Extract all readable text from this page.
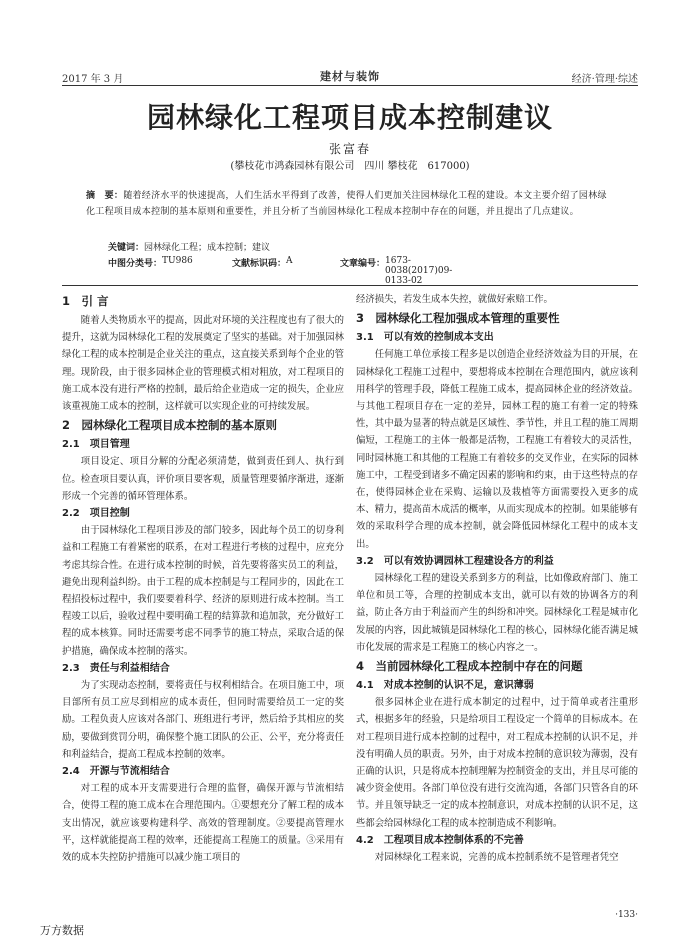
2017 年 3 月	建材与装饰	经济·管理·综述
园林绿化工程项目成本控制建议
张富春
(攀枝花市鸿森园林有限公司　四川 攀枝花　617000)
摘　要：随着经济水平的快速提高，人们生活水平得到了改善，使得人们更加关注园林绿化工程的建设。本文主要介绍了园林绿化工程项目成本控制的基本原则和重要性，并且分析了当前园林绿化工程成本控制中存在的问题，并且提出了几点建议。
关键词：园林绿化工程；成本控制；建议
中图分类号： TU986	文献标识码： A	文章编号： 1673-0038(2017)09-0133-02
1　引 言

随着人类物质水平的提高，因此对环境的关注程度也有了很大的提升，这就为园林绿化工程的发展奠定了坚实的基础。对于加强园林绿化工程的成本控制是企业关注的重点，这直接关系到每个企业的管理。现阶段，由于很多园林企业的管理模式相对粗放，对工程项目的施工成本没有进行严格的控制，最后给企业造成一定的损失，企业应该重视施工成本的控制，这样就可以实现企业的可持续发展。

2　园林绿化工程项目成本控制的基本原则
2.1　项目管理

项目设定、项目分解的分配必须清楚，做到责任到人、执行到位。检查项目要认真，评价项目要客观，质量管理要循序渐进，逐渐形成一个完善的循环管理体系。

2.2　项目控制

由于园林绿化工程项目涉及的部门较多，因此每个员工的切身利益和工程施工有着紧密的联系，在对工程进行考核的过程中，应充分考虑其综合性。在进行成本控制的时候，首先要将落实员工的利益，避免出现利益纠纷。由于工程的成本控制是与工程同步的，因此在工程招投标过程中，我们要要着科学、经济的原则进行成本控制。当工程竣工以后，验收过程中要明确工程的结算款和追加款，充分做好工程的成本核算。同时还需要考虑不同季节的施工特点，采取合适的保护措施，确保成本控制的落实。

2.3　责任与利益相结合

为了实现动态控制，要将责任与权利相结合。在项目施工中，项目部所有员工应尽到相应的成本责任，但同时需要给员工一定的奖励。工程负责人应该对各部门、班组进行考评，然后给予其相应的奖励，要做到赏罚分明，确保整个施工团队的公正、公平，充分将责任和利益结合，提高工程成本控制的效率。

2.4　开源与节流相结合

对工程的成本开支需要进行合理的监督，确保开源与节流相结合，使得工程的施工成本在合理范围内。①要想充分了解工程的成本支出情况，就应该要构建科学、高效的管理制度。②要提高管理水平，这样就能提高工程的效率，还能提高工程施工的质量。③采用有效的成本失控防护措施可以减少施工项目的

经济损失，若发生成本失控，就做好索赔工作。

3　园林绿化工程加强成本管理的重要性
3.1　可以有效的控制成本支出

任何施工单位承接工程多是以创造企业经济效益为目的开展，在园林绿化工程施工过程中，要想将成本控制在合理范围内，就应该利用科学的管理手段，降低工程施工成本，提高园林企业的经济效益。与其他工程项目存在一定的差异，园林工程的施工有着一定的特殊性，其中最为显著的特点就是区域性、季节性，并且工程的施工周期偏短，工程施工的主体一般都是活物，工程施工有着较大的灵活性，同时园林施工和其他的工程施工有着较多的交叉作业，在实际的园林施工中，工程受到诸多不确定因素的影响和约束，由于这些特点的存在，使得园林企业在采购、运输以及栽植等方面需要投入更多的成本、精力，提高苗木成活的概率，从而实现成本的控制。如果能够有效的采取科学合理的成本控制，就会降低园林绿化工程中的成本支出。

3.2　可以有效协调园林工程建设各方的利益

园林绿化工程的建设关系到多方的利益，比如像政府部门、施工单位和员工等，合理的控制成本支出，就可以有效的协调各方的利益，防止各方由于利益而产生的纠纷和冲突。园林绿化工程是城市化发展的内容，因此城镇是园林绿化工程的核心，园林绿化能否满足城市化发展的需求是工程施工的核心内容之一。

4　当前园林绿化工程成本控制中存在的问题
4.1　对成本控制的认识不足，意识薄弱

很多园林企业在进行成本制定的过程中，过于简单或者注重形式，根据多年的经验，只是给项目工程设定一个简单的目标成本。在对工程项目进行成本控制的过程中，对工程成本控制的认识不足，并没有明确人员的职责。另外，由于对成本控制的意识较为薄弱，没有正确的认识，只是将成本控制理解为控制资金的支出，并且尽可能的减少资金使用。各部门单位没有进行交流沟通，各部门只管各自的环节。并且领导缺乏一定的成本控制意识，对成本控制的认识不足，这些都会给园林绿化工程的成本控制造成不利影响。

4.2　工程项目成本控制体系的不完善

对园林绿化工程来说，完善的成本控制系统不是管理者凭空

·133·
万方数据
